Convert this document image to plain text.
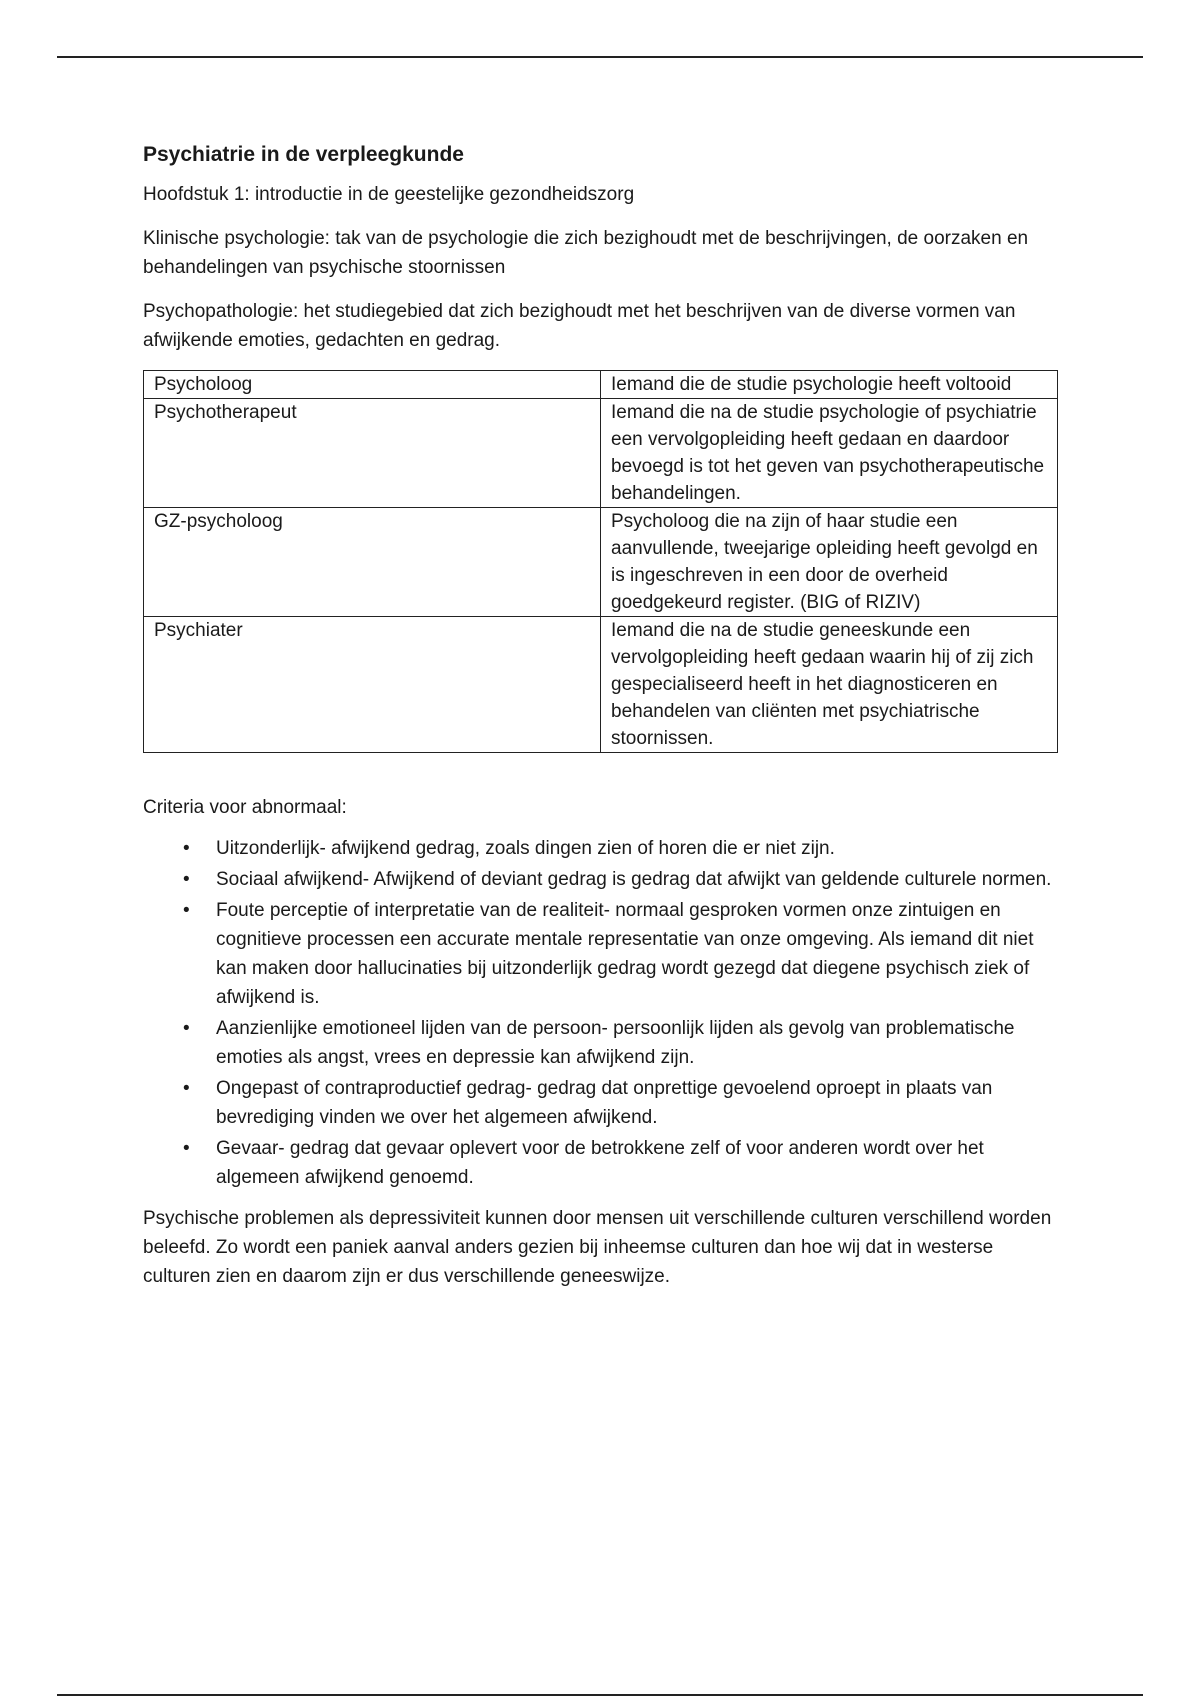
Psychiatrie in de verpleegkunde

Hoofdstuk 1: introductie in de geestelijke gezondheidszorg

Klinische psychologie: tak van de psychologie die zich bezighoudt met de beschrijvingen, de oorzaken en behandelingen van psychische stoornissen

Psychopathologie: het studiegebied dat zich bezighoudt met het beschrijven van de diverse vormen van afwijkende emoties, gedachten en gedrag.

Psycholoog	Iemand die de studie psychologie heeft voltooid
Psychotherapeut	Iemand die na de studie psychologie of psychiatrie een vervolgopleiding heeft gedaan en daardoor bevoegd is tot het geven van psychotherapeutische behandelingen.
GZ-psycholoog	Psycholoog die na zijn of haar studie een aanvullende, tweejarige opleiding heeft gevolgd en is ingeschreven in een door de overheid goedgekeurd register. (BIG of RIZIV)
Psychiater	Iemand die na de studie geneeskunde een vervolgopleiding heeft gedaan waarin hij of zij zich gespecialiseerd heeft in het diagnosticeren en behandelen van cliënten met psychiatrische stoornissen.

Criteria voor abnormaal:

• Uitzonderlijk- afwijkend gedrag, zoals dingen zien of horen die er niet zijn.
• Sociaal afwijkend- Afwijkend of deviant gedrag is gedrag dat afwijkt van geldende culturele normen.
• Foute perceptie of interpretatie van de realiteit- normaal gesproken vormen onze zintuigen en cognitieve processen een accurate mentale representatie van onze omgeving. Als iemand dit niet kan maken door hallucinaties bij uitzonderlijk gedrag wordt gezegd dat diegene psychisch ziek of afwijkend is.
• Aanzienlijke emotioneel lijden van de persoon- persoonlijk lijden als gevolg van problematische emoties als angst, vrees en depressie kan afwijkend zijn.
• Ongepast of contraproductief gedrag- gedrag dat onprettige gevoelend oproept in plaats van bevrediging vinden we over het algemeen afwijkend.
• Gevaar- gedrag dat gevaar oplevert voor de betrokkene zelf of voor anderen wordt over het algemeen afwijkend genoemd.

Psychische problemen als depressiviteit kunnen door mensen uit verschillende culturen verschillend worden beleefd. Zo wordt een paniek aanval anders gezien bij inheemse culturen dan hoe wij dat in westerse culturen zien en daarom zijn er dus verschillende geneeswijze.
